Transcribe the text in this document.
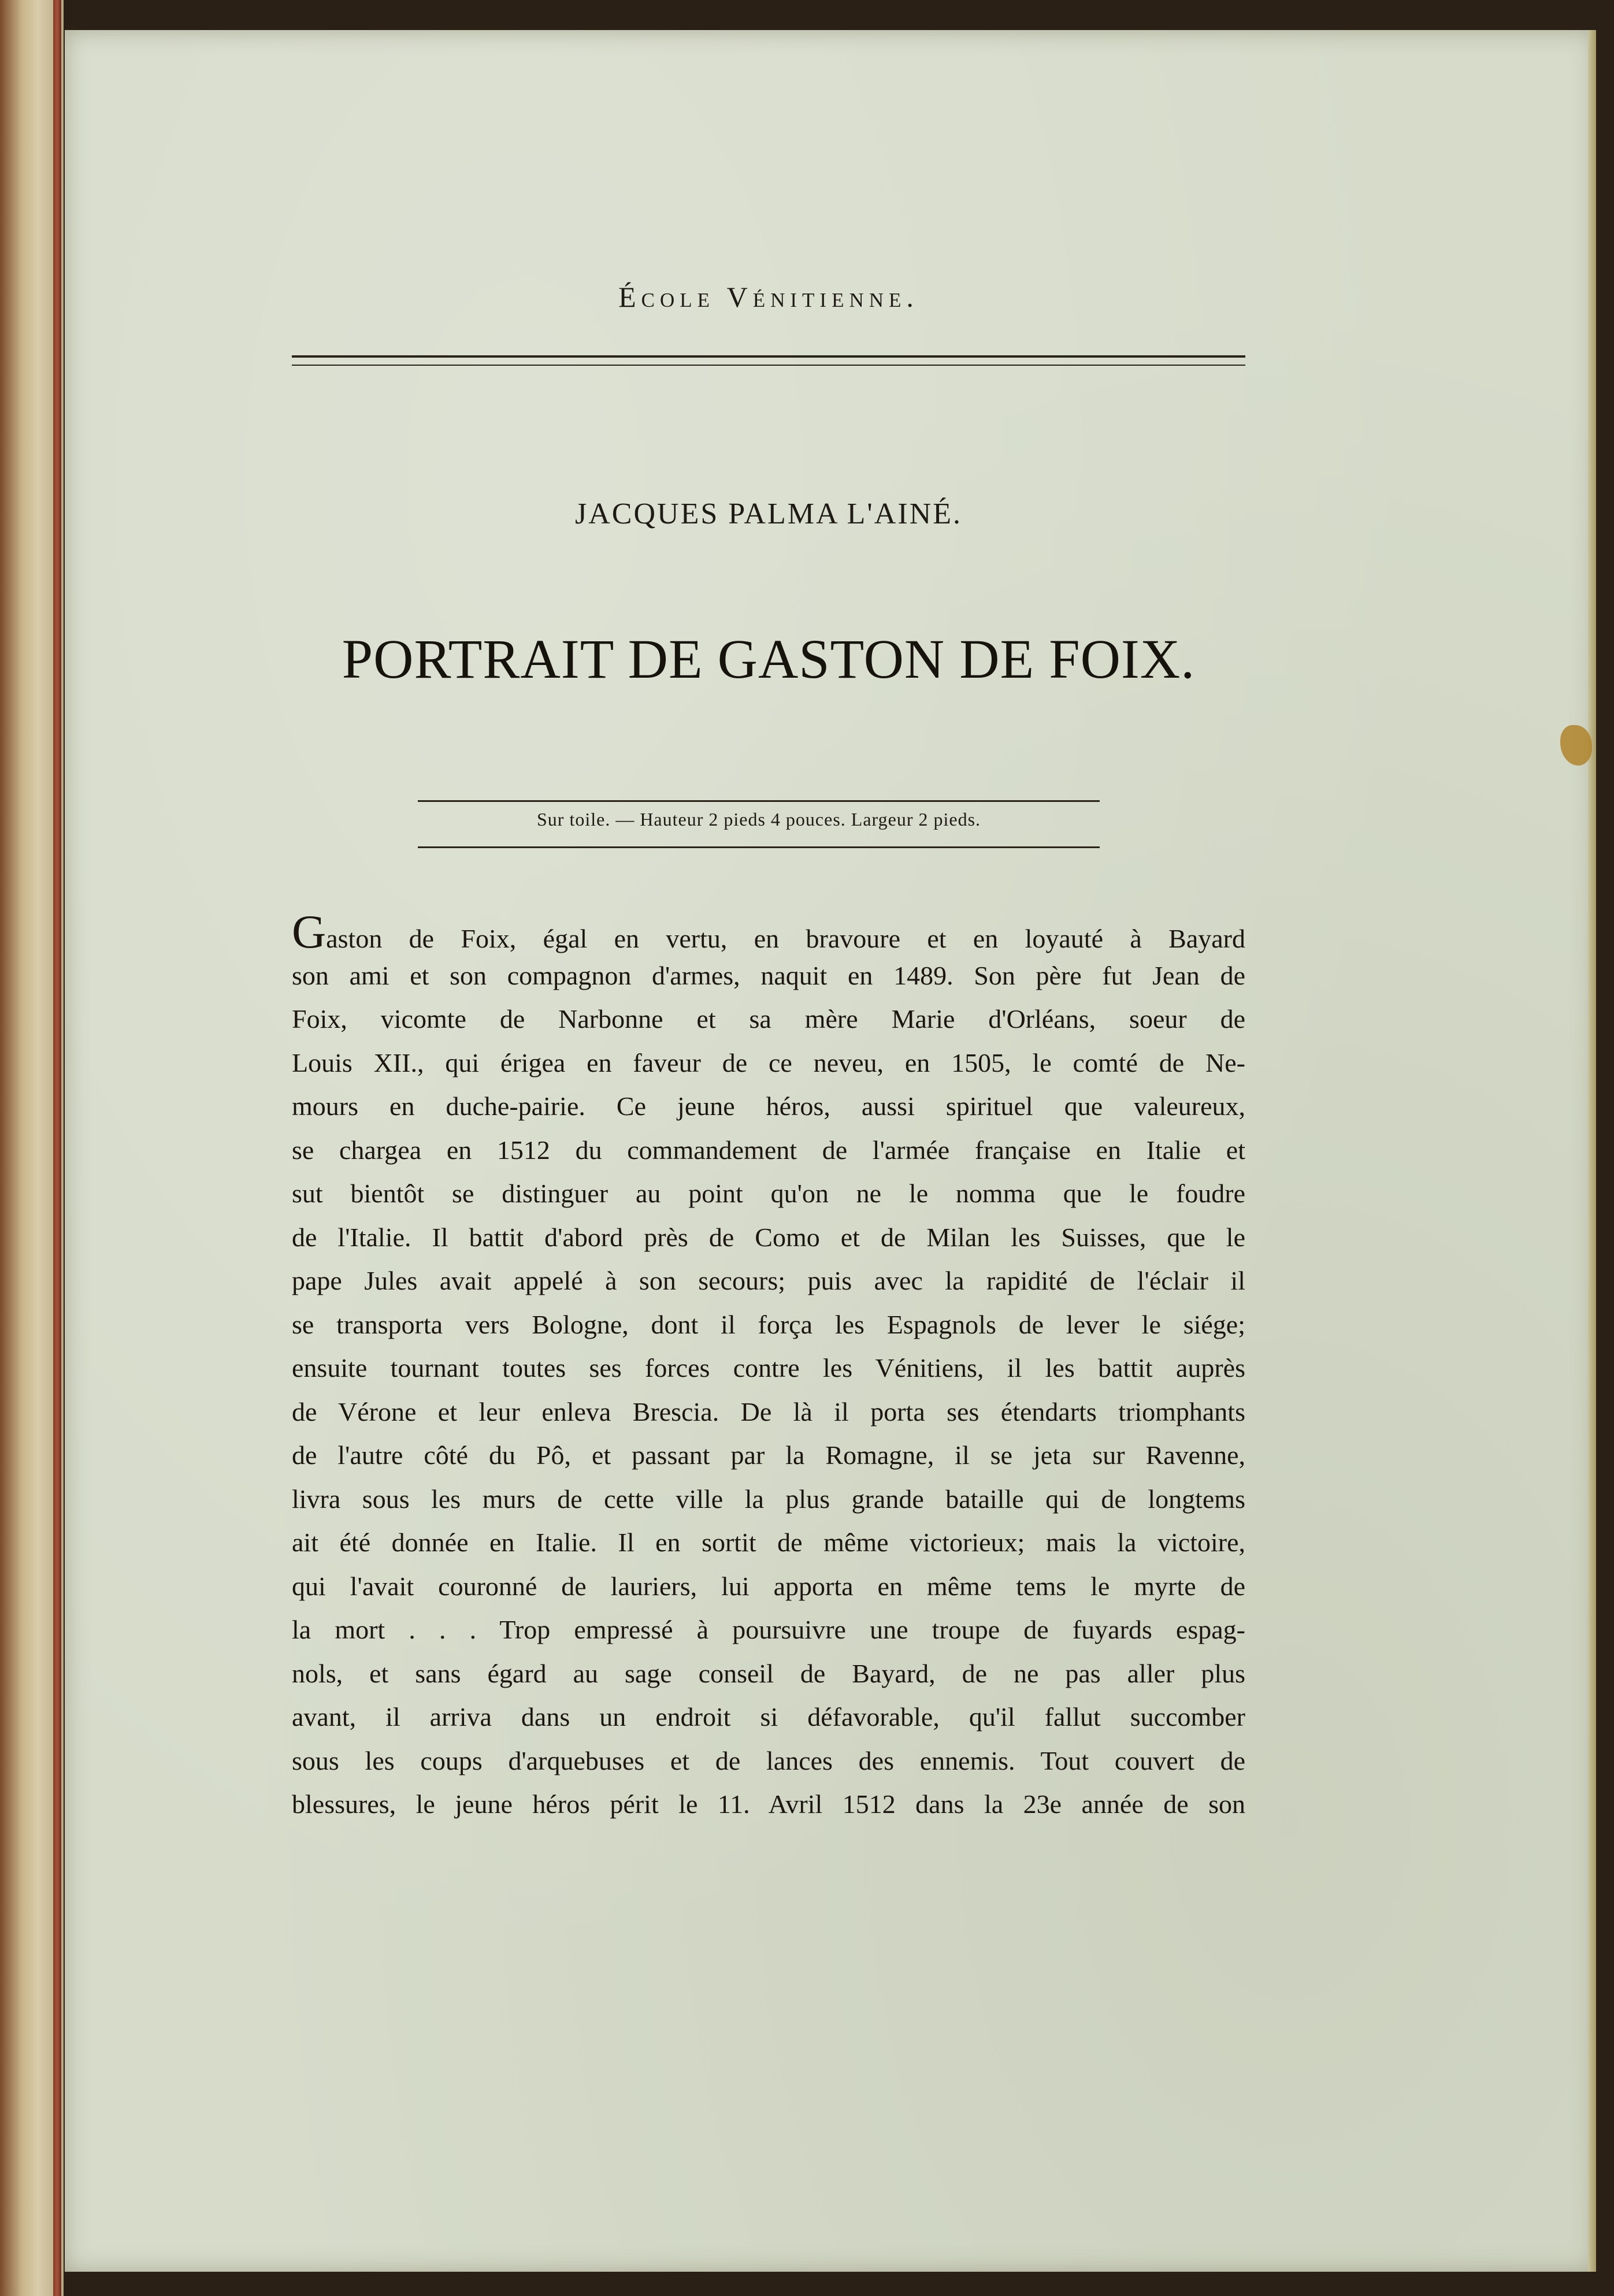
École Vénitienne.
JACQUES PALMA L'AINÉ.
PORTRAIT DE GASTON DE FOIX.
Sur toile. — Hauteur 2 pieds 4 pouces. Largeur 2 pieds.
Gaston de Foix, égal en vertu, en bravoure et en loyauté à Bayard
son ami et son compagnon d'armes, naquit en 1489. Son père fut Jean de
Foix, vicomte de Narbonne et sa mère Marie d'Orléans, soeur de
Louis XII., qui érigea en faveur de ce neveu, en 1505, le comté de Ne-
mours en duche-pairie. Ce jeune héros, aussi spirituel que valeureux,
se chargea en 1512 du commandement de l'armée française en Italie et
sut bientôt se distinguer au point qu'on ne le nomma que le foudre
de l'Italie. Il battit d'abord près de Como et de Milan les Suisses, que le
pape Jules avait appelé à son secours; puis avec la rapidité de l'éclair il
se transporta vers Bologne, dont il força les Espagnols de lever le siége;
ensuite tournant toutes ses forces contre les Vénitiens, il les battit auprès
de Vérone et leur enleva Brescia. De là il porta ses étendarts triomphants
de l'autre côté du Pô, et passant par la Romagne, il se jeta sur Ravenne,
livra sous les murs de cette ville la plus grande bataille qui de longtems
ait été donnée en Italie. Il en sortit de même victorieux; mais la victoire,
qui l'avait couronné de lauriers, lui apporta en même tems le myrte de
la mort . . . Trop empressé à poursuivre une troupe de fuyards espag-
nols, et sans égard au sage conseil de Bayard, de ne pas aller plus
avant, il arriva dans un endroit si défavorable, qu'il fallut succomber
sous les coups d'arquebuses et de lances des ennemis. Tout couvert de
blessures, le jeune héros périt le 11. Avril 1512 dans la 23e année de son
